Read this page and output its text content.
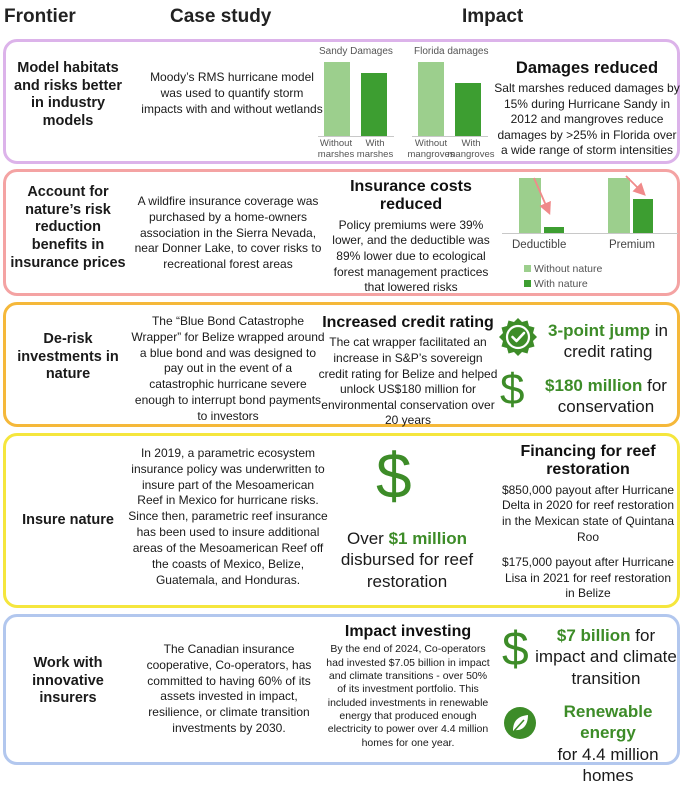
Frontier	Case study	Impact
Model habitats and risks better in industry models
Moody’s RMS hurricane model was used to quantify storm impacts with and without wetlands
Sandy Damages
Without marshes
With marshes
Florida damages
Without mangroves
With mangroves
Damages reduced
Salt marshes reduced damages by 15% during Hurricane Sandy in 2012 and mangroves reduce damages by >25% in Florida over a wide range of storm intensities
Account for nature’s risk reduction benefits in insurance prices
A wildfire insurance coverage was purchased by a home-owners association in the Sierra Nevada, near Donner Lake, to cover risks to recreational forest areas
Insurance costs reduced
Policy premiums were 39% lower, and the deductible was 89% lower due to ecological forest management practices that lowered risks
Deductible	Premium
Without nature
With nature
De-risk investments in nature
The “Blue Bond Catastrophe Wrapper” for Belize wrapped around a blue bond and was designed to pay out in the event of a catastrophic hurricane severe enough to interrupt bond payments to investors
Increased credit rating
The cat wrapper facilitated an increase in S&P’s sovereign credit rating for Belize and helped unlock US$180 million for environmental conservation over 20 years
3-point jump in
credit rating
$	$180 million for
conservation
Insure nature
In 2019, a parametric ecosystem insurance policy was underwritten to insure part of the Mesoamerican Reef in Mexico for hurricane risks. Since then, parametric reef insurance has been used to insure additional areas of the Mesoamerican Reef off the coasts of Mexico, Belize, Guatemala, and Honduras.
$
Over $1 million
disbursed for reef
restoration
Financing for reef restoration
$850,000 payout after Hurricane Delta in 2020 for reef restoration in the Mexican state of Quintana Roo
$175,000 payout after Hurricane Lisa in 2021 for reef restoration in Belize
Work with innovative insurers
The Canadian insurance cooperative, Co-operators, has committed to having 60% of its assets invested in impact, resilience, or climate transition investments by 2030.
Impact investing
By the end of 2024, Co-operators had invested $7.05 billion in impact and climate transitions - over 50% of its investment portfolio. This included investments in renewable energy that produced enough electricity to power over 4.4 million homes for one year.
$	$7 billion for
impact and climate
transition
Renewable energy
for 4.4 million
homes
